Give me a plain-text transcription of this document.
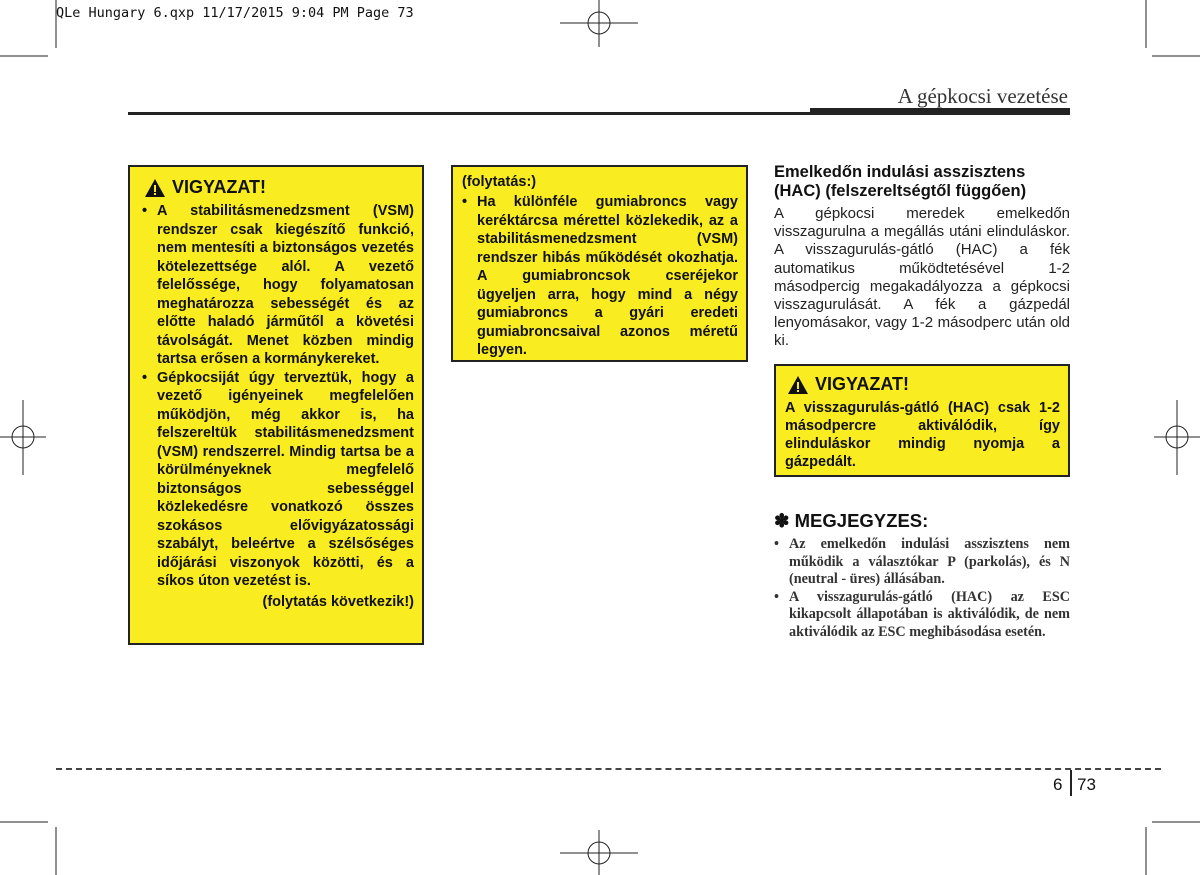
QLe Hungary 6.qxp 11/17/2015 9:04 PM Page 73
A gépkocsi vezetése
VIGYAZAT!
• A stabilitásmenedzsment (VSM) rendszer csak kiegészítő funkció, nem mentesíti a biztonságos vezetés kötelezettsége alól. A vezető felelőssége, hogy folyamatosan meghatározza sebességét és az előtte haladó járműtől a követési távolságát. Menet közben mindig tartsa erősen a kormánykereket.
• Gépkocsiját úgy terveztük, hogy a vezető igényeinek megfelelően működjön, még akkor is, ha felszereltük stabilitásmenedzsment (VSM) rendszerrel. Mindig tartsa be a körülményeknek megfelelő biztonságos sebességgel közlekedésre vonatkozó összes szokásos elővigyázatossági szabályt, beleértve a szélsőséges időjárási viszonyok közötti, és a síkos úton vezetést is.
(folytatás következik!)
(folytatás:)
• Ha különféle gumiabroncs vagy keréktárcsa mérettel közlekedik, az a stabilitásmenedzsment (VSM) rendszer hibás működését okozhatja. A gumiabroncsok cseréjekor ügyeljen arra, hogy mind a négy gumiabroncs a gyári eredeti gumiabroncsaival azonos méretű legyen.
Emelkedőn indulási asszisztens (HAC) (felszereltségtől függően)
A gépkocsi meredek emelkedőn visszagurulna a megállás utáni elinduláskor. A visszagurulás-gátló (HAC) a fék automatikus működtetésével 1-2 másodpercig megakadályozza a gépkocsi visszagurulását. A fék a gázpedál lenyomásakor, vagy 1-2 másodperc után old ki.
VIGYAZAT!
A visszagurulás-gátló (HAC) csak 1-2 másodpercre aktiválódik, így elinduláskor mindig nyomja a gázpedált.
✽ MEGJEGYZES:
• Az emelkedőn indulási asszisztens nem működik a választókar P (parkolás), és N (neutral - üres) állásában.
• A visszagurulás-gátló (HAC) az ESC kikapcsolt állapotában is aktiválódik, de nem aktiválódik az ESC meghibásodása esetén.
6 73
